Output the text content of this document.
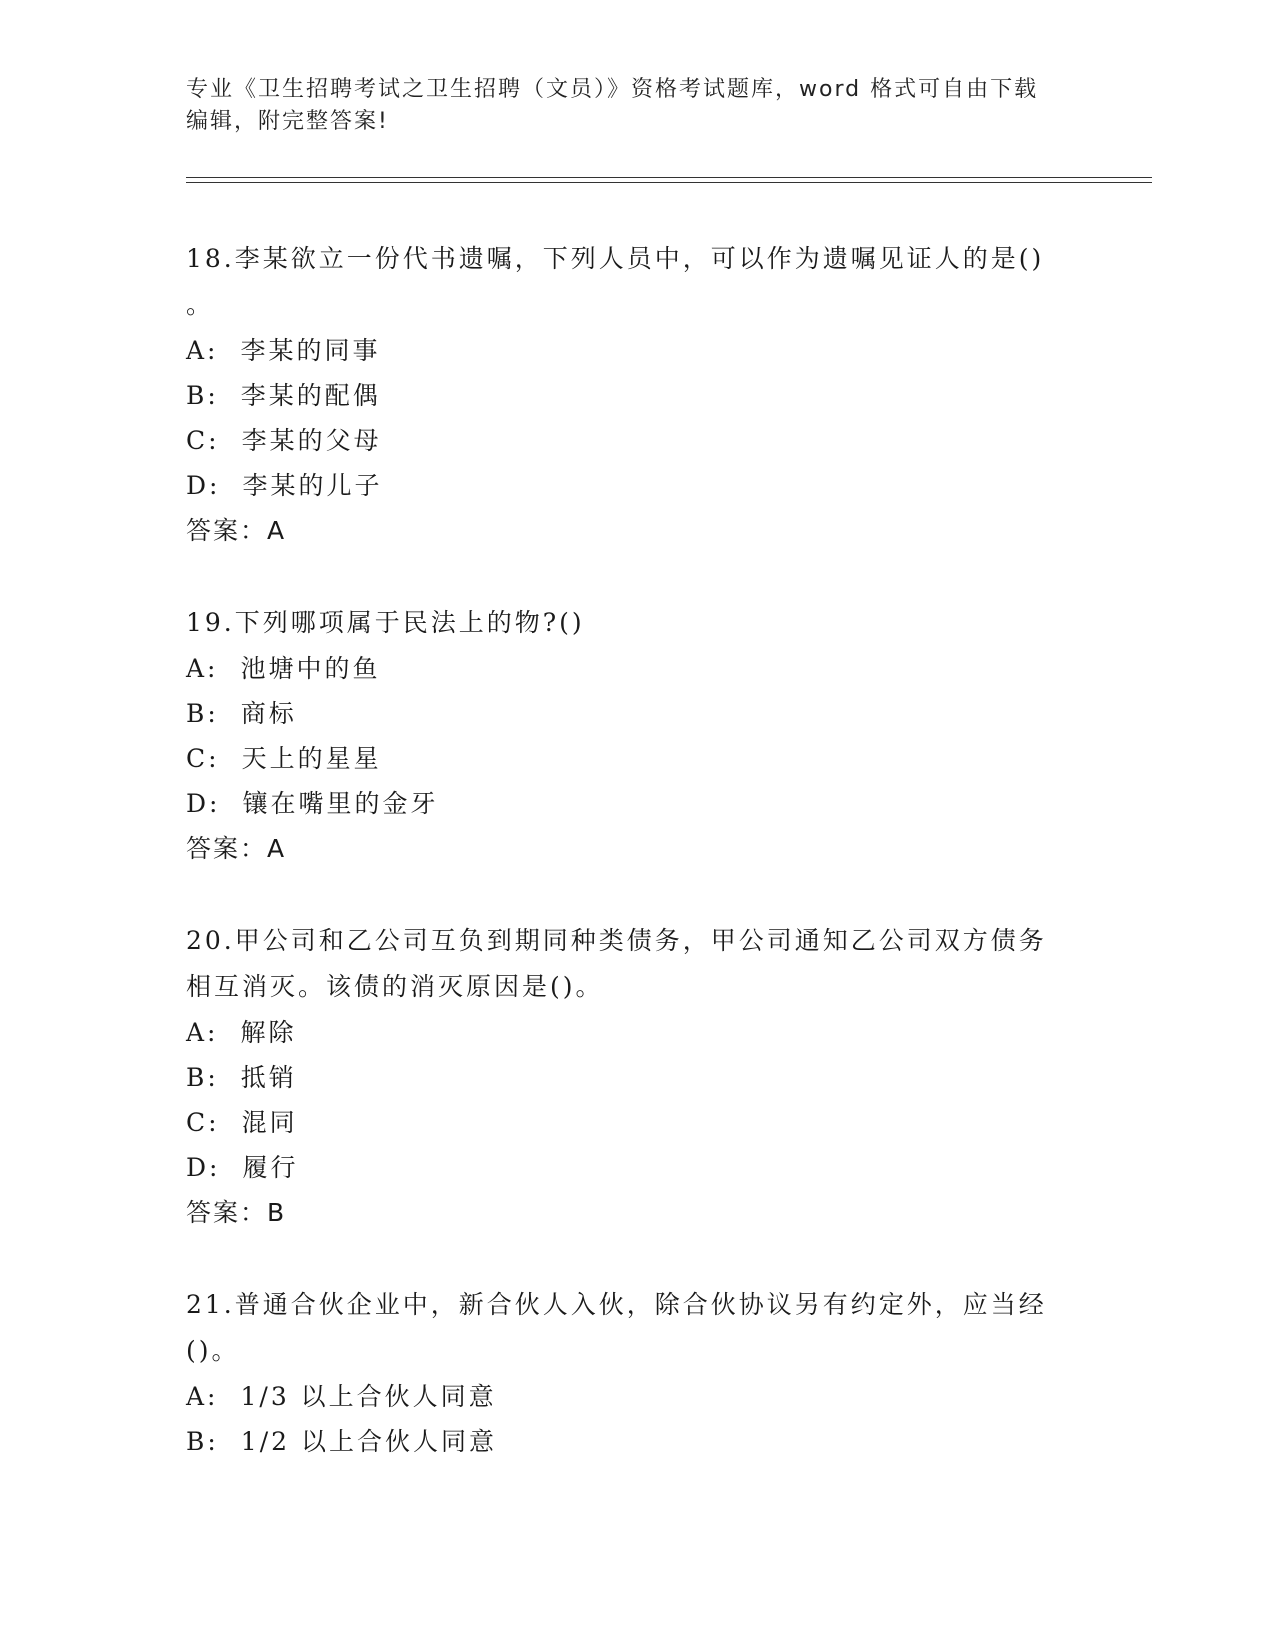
专业《卫生招聘考试之卫生招聘（文员）》资格考试题库，word 格式可自由下载
编辑，附完整答案!

18.李某欲立一份代书遗嘱，下列人员中，可以作为遗嘱见证人的是()

。

A: 李某的同事

B: 李某的配偶

C: 李某的父母

D: 李某的儿子

答案：A

19.下列哪项属于民法上的物?()

A: 池塘中的鱼

B: 商标

C: 天上的星星

D: 镶在嘴里的金牙

答案：A

20.甲公司和乙公司互负到期同种类债务，甲公司通知乙公司双方债务

相互消灭。该债的消灭原因是()。

A: 解除

B: 抵销

C: 混同

D: 履行

答案：B

21.普通合伙企业中，新合伙人入伙，除合伙协议另有约定外，应当经

()。

A: 1/3 以上合伙人同意

B: 1/2 以上合伙人同意
